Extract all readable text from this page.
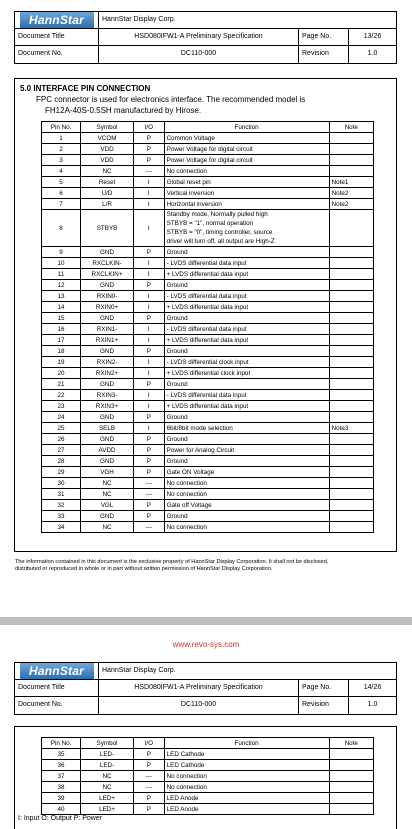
HannStar	HannStar Display Corp.
Document Title	HSD080IFW1-A Preliminary Specification	Page No.	13/26
Document No.	DC110-000	Revision	1.0
5.0 INTERFACE PIN CONNECTION
FPC connector is used for electronics interface. The recommended model is
FH12A-40S-0.5SH manufactured by Hirose.
Pin No.	Symbol	I/O	Function	Note
1	VCOM	P	Common Voltage	
2	VDD	P	Power Voltage for digital circuit	
3	VDD	P	Power Voltage for digital circuit	
4	NC	---	No connection	
5	Reset	I	Global reset pin	Note1
6	U/D	I	Vertical inversion	Note2
7	L/R	I	Horizontal inversion	Note2
8	STBYB	I	Standby mode, Normally pulled high
STBYB = "1", normal operation
STBYB = "0", timing controller, source
driver will turn off, all output are High-Z	

9	GND	P	Ground	
10	RXCLKIN-	I	- LVDS differential data input	
11	RXCLKIN+	I	+ LVDS differential data input	
12	GND	P	Ground	
13	RXIN0-	I	- LVDS differential data input	
14	RXIN0+	I	+ LVDS differential data input	
15	GND	P	Ground	
16	RXIN1-	I	- LVDS differential data input	
17	RXIN1+	I	+ LVDS differential data input	
18	GND	P	Ground	
19	RXIN2-	I	- LVDS differential clock input	
20	RXIN2+	I	+ LVDS differential clock input	
21	GND	P	Ground	
22	RXIN3-	I	- LVDS differential data input	
23	RXIN3+	I	+ LVDS differential data input	
24	GND	P	Ground	
25	SELB	I	6bit/8bit mode selection	Note3
26	GND	P	Ground	
27	AVDD	P	Power for Analog Circuit	
28	GND	P	Ground	
29	VGH	P	Gate ON Voltage	
30	NC	---	No connection	
31	NC	---	No connection	
32	VGL	P	Gate off Voltage	
33	GND	P	Ground	
34	NC	---	No connection	
The information contained in this document is the exclusive property of HannStar Display Corporation. It shall not be disclosed,
distributed or reproduced in whole or in part without written permission of HannStar Display Corporation.
www.revo-sys.com
HannStar	HannStar Display Corp.
Document Title	HSD080IFW1-A Preliminary Specification	Page No.	14/26
Document No.	DC110-000	Revision	1.0
Pin No.	Symbol	I/O	Function	Note
35	LED-	P	LED Cathode	
36	LED-	P	LED Cathode	
37	NC	---	No connection	
38	NC	---	No connection	
39	LED+	P	LED Anode	
40	LED+	P	LED Anode	
I: Input O: Output P: Power
